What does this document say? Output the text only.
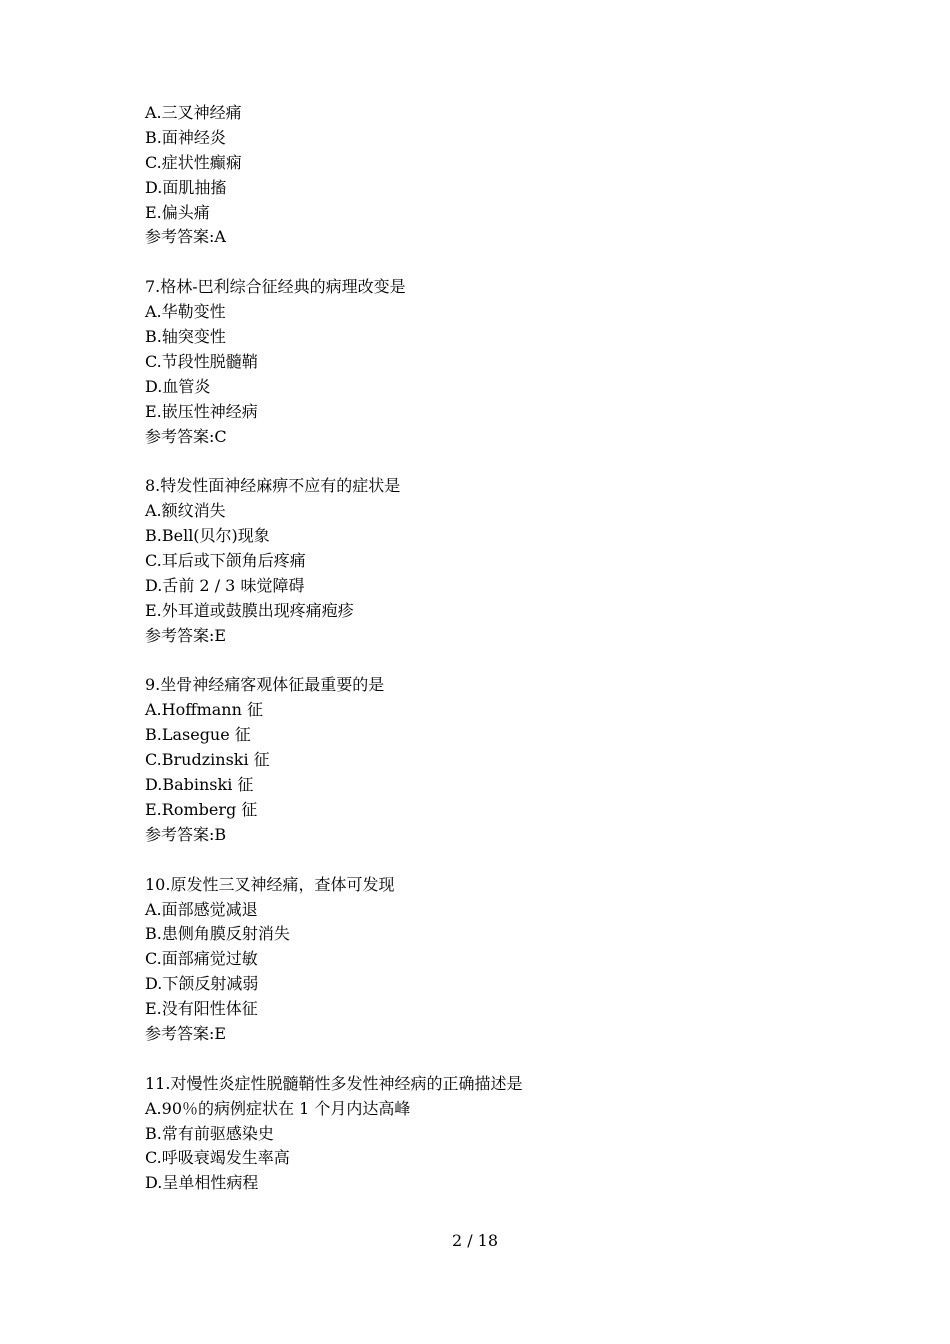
A.三叉神经痛
B.面神经炎
C.症状性癫痫
D.面肌抽搐
E.偏头痛
参考答案:A
7.格林-巴利综合征经典的病理改变是
A.华勒变性
B.轴突变性
C.节段性脱髓鞘
D.血管炎
E.嵌压性神经病
参考答案:C
8.特发性面神经麻痹不应有的症状是
A.额纹消失
B.Bell(贝尔)现象
C.耳后或下颌角后疼痛
D.舌前 2 / 3 味觉障碍
E.外耳道或鼓膜出现疼痛疱疹
参考答案:E
9.坐骨神经痛客观体征最重要的是
A.Hoffmann 征
B.Lasegue 征
C.Brudzinski 征
D.Babinski 征
E.Romberg 征
参考答案:B
10.原发性三叉神经痛，查体可发现
A.面部感觉减退
B.患侧角膜反射消失
C.面部痛觉过敏
D.下颌反射减弱
E.没有阳性体征
参考答案:E
11.对慢性炎症性脱髓鞘性多发性神经病的正确描述是
A.90％的病例症状在 1 个月内达高峰
B.常有前驱感染史
C.呼吸衰竭发生率高
D.呈单相性病程
2 / 18
